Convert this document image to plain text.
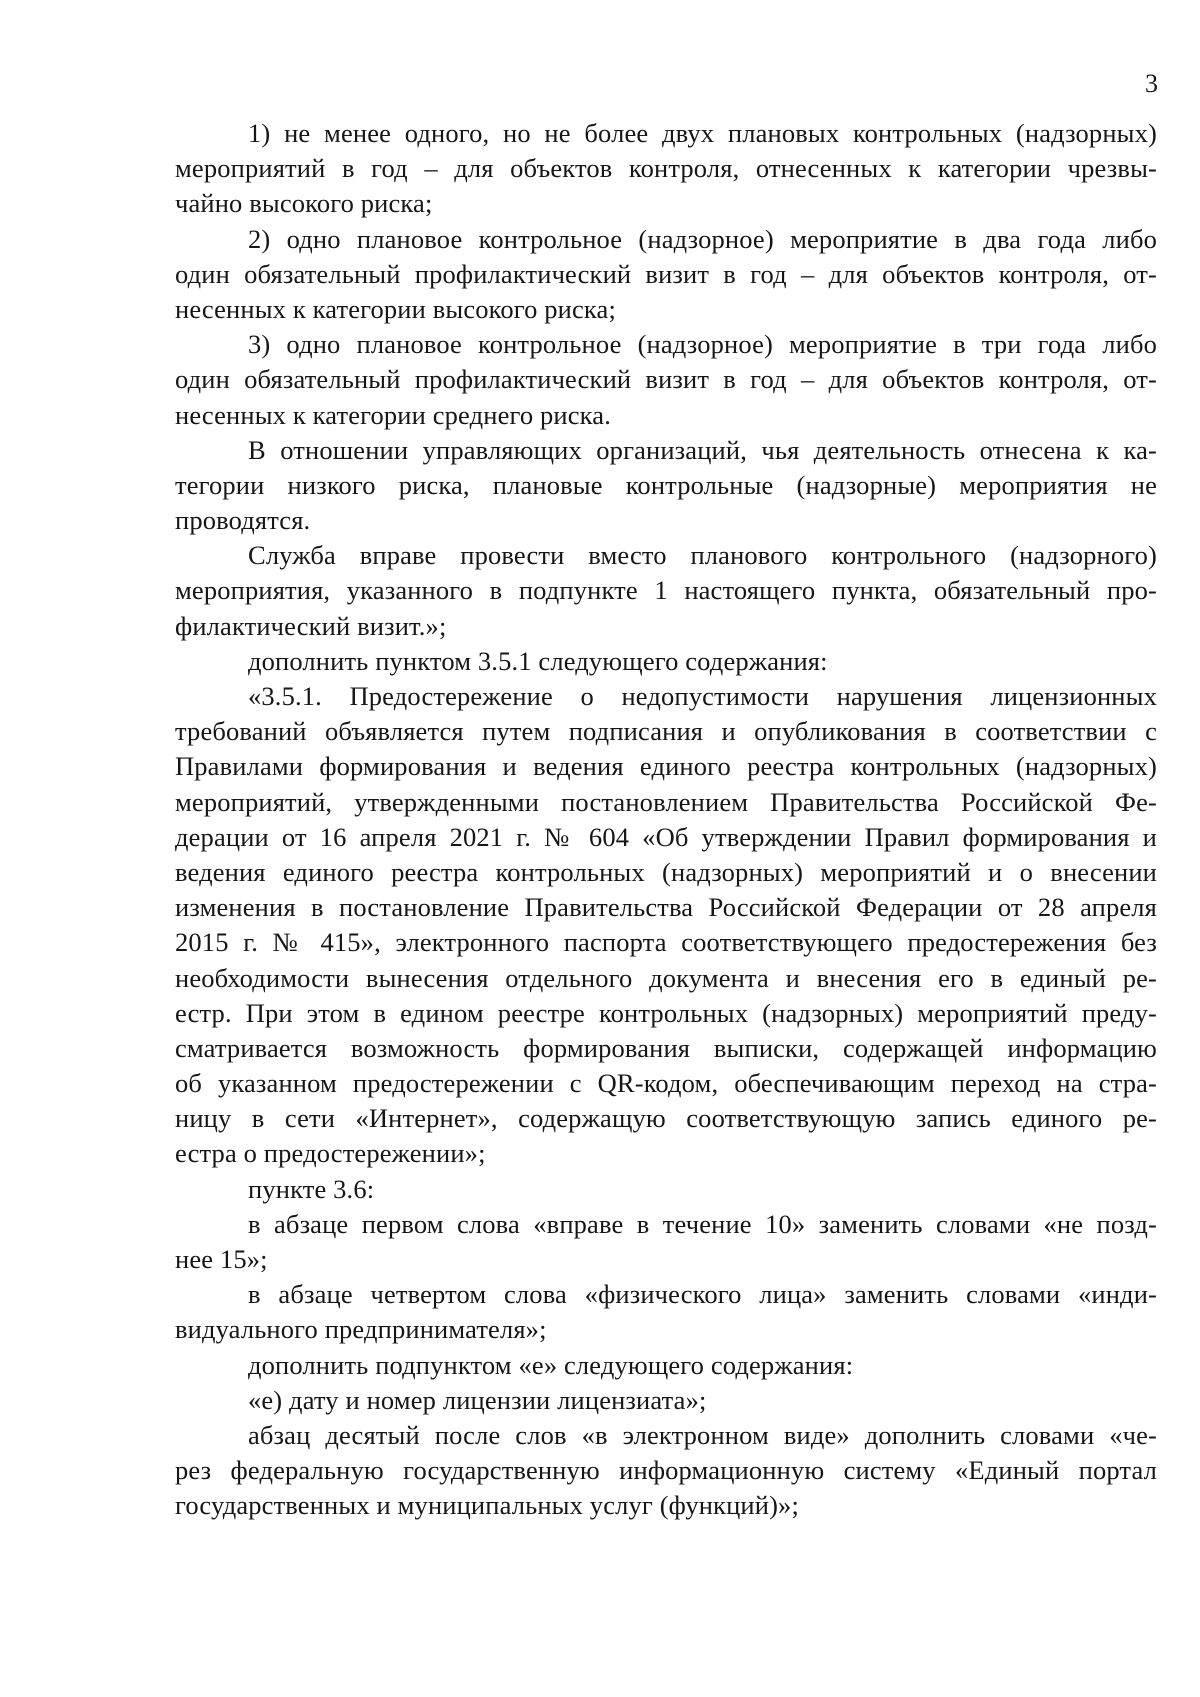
3
1) не менее одного, но не более двух плановых контрольных (надзорных)
мероприятий в год – для объектов контроля, отнесенных к категории чрезвы-
чайно высокого риска;
2) одно плановое контрольное (надзорное) мероприятие в два года либо
один обязательный профилактический визит в год – для объектов контроля, от-
несенных к категории высокого риска;
3) одно плановое контрольное (надзорное) мероприятие в три года либо
один обязательный профилактический визит в год – для объектов контроля, от-
несенных к категории среднего риска.
В отношении управляющих организаций, чья деятельность отнесена к ка-
тегории низкого риска, плановые контрольные (надзорные) мероприятия не
проводятся.
Служба вправе провести вместо планового контрольного (надзорного)
мероприятия, указанного в подпункте 1 настоящего пункта, обязательный про-
филактический визит.»;
дополнить пунктом 3.5.1 следующего содержания:
«3.5.1. Предостережение о недопустимости нарушения лицензионных
требований объявляется путем подписания и опубликования в соответствии с
Правилами формирования и ведения единого реестра контрольных (надзорных)
мероприятий, утвержденными постановлением Правительства Российской Фе-
дерации от 16 апреля 2021 г. № 604 «Об утверждении Правил формирования и
ведения единого реестра контрольных (надзорных) мероприятий и о внесении
изменения в постановление Правительства Российской Федерации от 28 апреля
2015 г. № 415», электронного паспорта соответствующего предостережения без
необходимости вынесения отдельного документа и внесения его в единый ре-
естр. При этом в едином реестре контрольных (надзорных) мероприятий преду-
сматривается возможность формирования выписки, содержащей информацию
об указанном предостережении с QR-кодом, обеспечивающим переход на стра-
ницу в сети «Интернет», содержащую соответствующую запись единого ре-
естра о предостережении»;
пункте 3.6:
в абзаце первом слова «вправе в течение 10» заменить словами «не позд-
нее 15»;
в абзаце четвертом слова «физического лица» заменить словами «инди-
видуального предпринимателя»;
дополнить подпунктом «е» следующего содержания:
«е) дату и номер лицензии лицензиата»;
абзац десятый после слов «в электронном виде» дополнить словами «че-
рез федеральную государственную информационную систему «Единый портал
государственных и муниципальных услуг (функций)»;
